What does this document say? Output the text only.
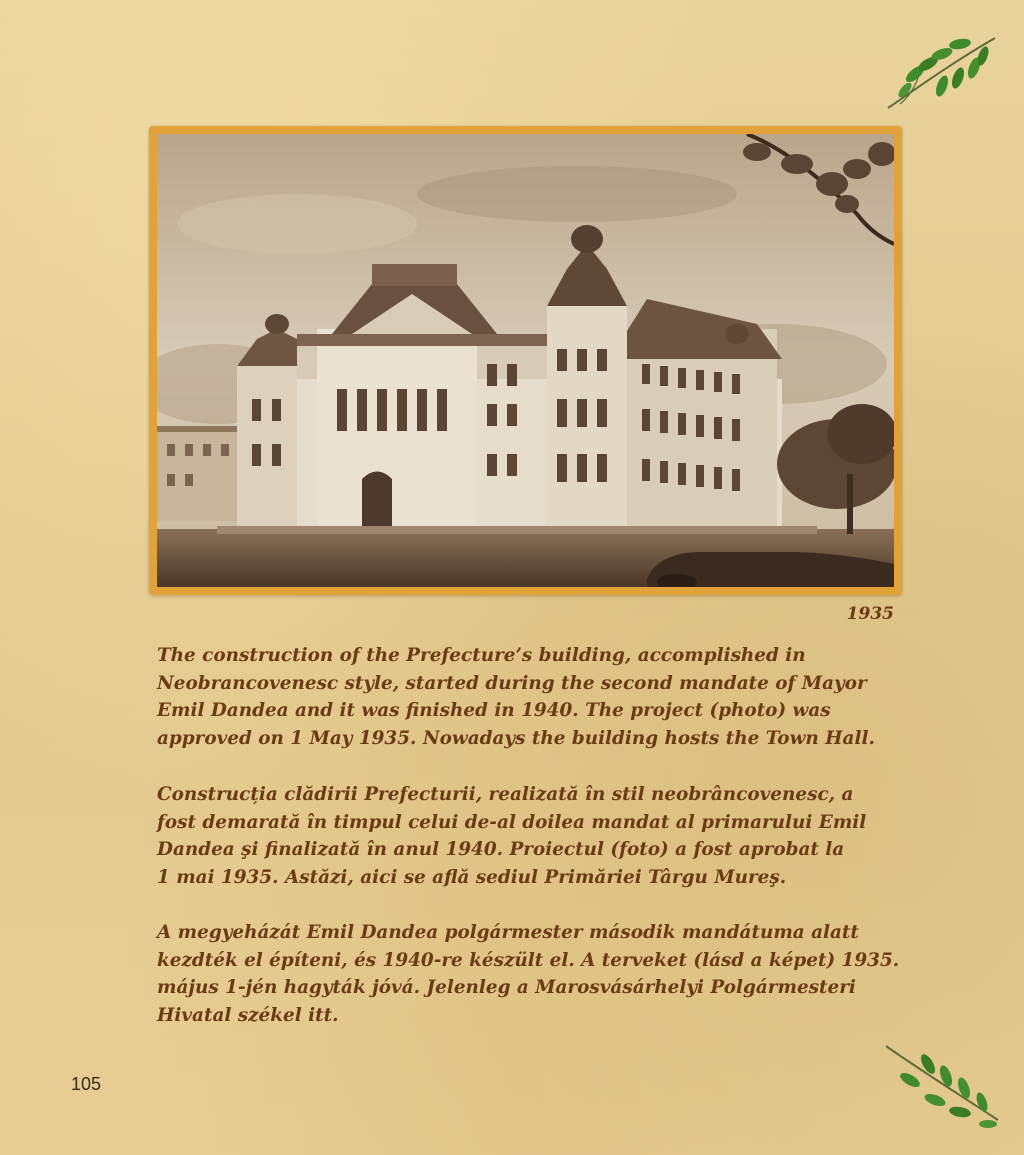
1935
The construction of the Prefecture’s building, accomplished in
Neobrancovenesc style, started during the second mandate of Mayor
Emil Dandea and it was finished in 1940. The project (photo) was
approved on 1 May 1935. Nowadays the building hosts the Town Hall.
Construcția clădirii Prefecturii, realizată în stil neobrâncovenesc, a
fost demarată în timpul celui de-al doilea mandat al primarului Emil
Dandea şi finalizată în anul 1940. Proiectul (foto) a fost aprobat la
1 mai 1935. Astăzi, aici se află sediul Primăriei Târgu Mureş.
A megyeházát Emil Dandea polgármester második mandátuma alatt
kezdték el építeni, és 1940-re készült el. A terveket (lásd a képet) 1935.
május 1-jén hagyták jóvá. Jelenleg a Marosvásárhelyi Polgármesteri
Hivatal székel itt.
105
